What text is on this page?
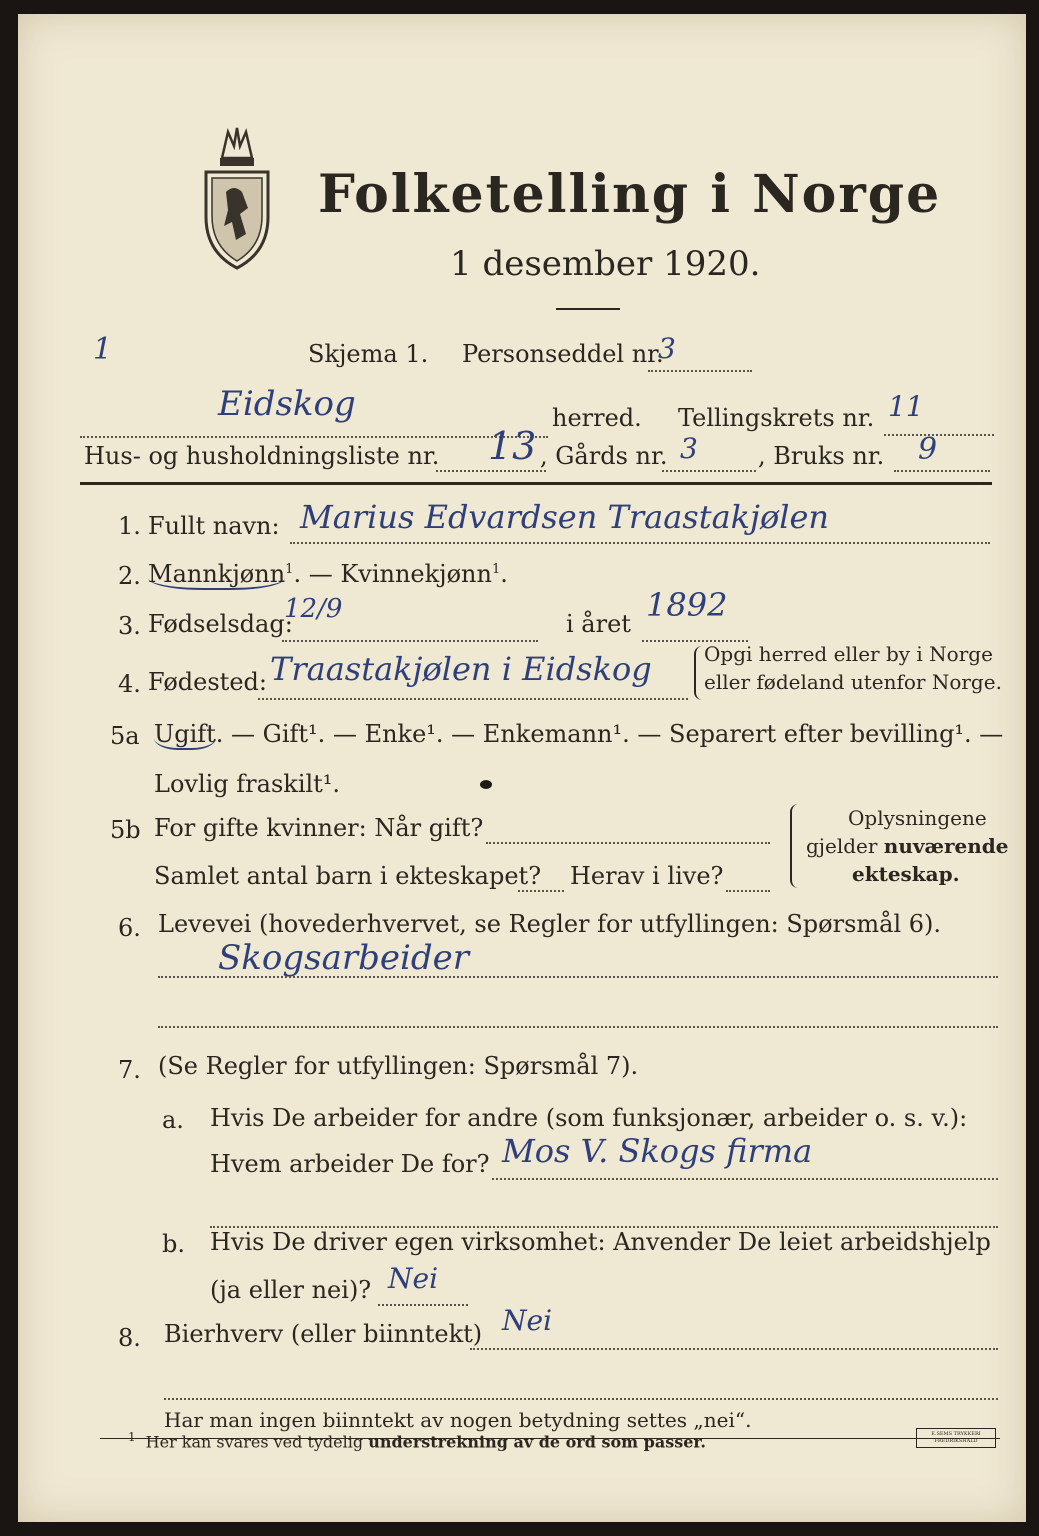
Folketelling i Norge
1 desember 1920.
1	Skjema 1. Personseddel nr.
3
Eidskog	herred. Tellingskrets nr. 11
Hus- og husholdningsliste nr. 13 , Gårds nr. 3	, Bruks nr. 9
1. Fullt navn: Marius Edvardsen Traastakjølen
2. Mannkjønn$^1$. — Kvinnekjønn$^1$.
3. Fødselsdag:
12/9	i året 1892
4. Fødested: Traastakjølen i Eidskog	Opgi herred eller by i Norge
eller fødeland utenfor Norge.
5a Ugift. — Gift¹. — Enke¹. — Enkemann¹. — Separert efter bevilling¹. —
Lovlig fraskilt¹.
5b For gifte kvinner: Når gift?
Samlet antal barn i ekteskapet? Herav i live?
Oplysningene
gjelder nuværende
ekteskap.
6. Levevei (hovederhvervet, se Regler for utfyllingen: Spørsmål 6).
Skogsarbeider
7. (Se Regler for utfyllingen: Spørsmål 7).
a. Hvis De arbeider for andre (som funksjonær, arbeider o. s. v.):
Hvem arbeider De for? Mos V. Skogs firma
b. Hvis De driver egen virksomhet: Anvender De leiet arbeidshjelp
(ja eller nei)? Nei
8. Bierhverv (eller biinntekt) Nei
Har man ingen biinntekt av nogen betydning settes „nei“.
$^1$ Her kan svares ved tydelig understrekning av de ord som passer.	E.SEMS TRYKKERI FREDRIKSHALD
